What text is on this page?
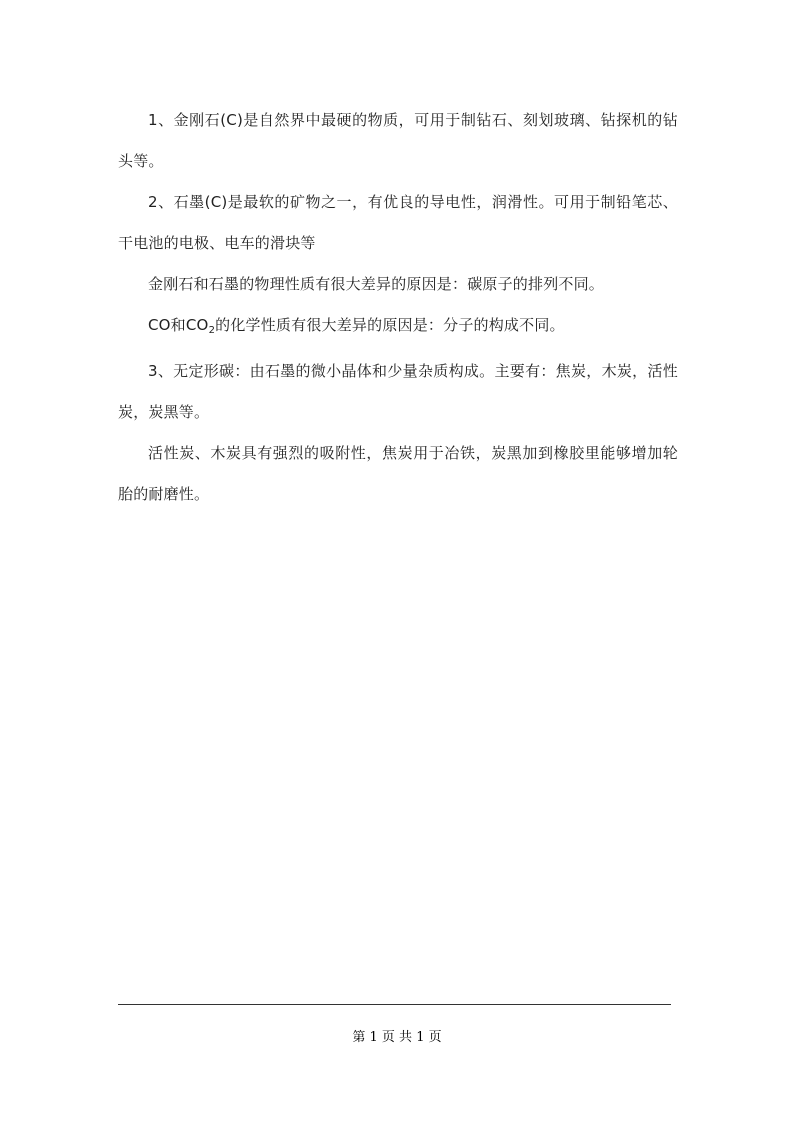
1、金刚石(C)是自然界中最硬的物质，可用于制钻石、刻划玻璃、钻探机的钻头等。

2、石墨(C)是最软的矿物之一，有优良的导电性，润滑性。可用于制铅笔芯、干电池的电极、电车的滑块等

金刚石和石墨的物理性质有很大差异的原因是：碳原子的排列不同。

CO和$CO_2$的化学性质有很大差异的原因是：分子的构成不同。

3、无定形碳：由石墨的微小晶体和少量杂质构成。主要有：焦炭，木炭，活性炭，炭黑等。

活性炭、木炭具有强烈的吸附性，焦炭用于冶铁，炭黑加到橡胶里能够增加轮胎的耐磨性。

第 1 页 共 1 页
